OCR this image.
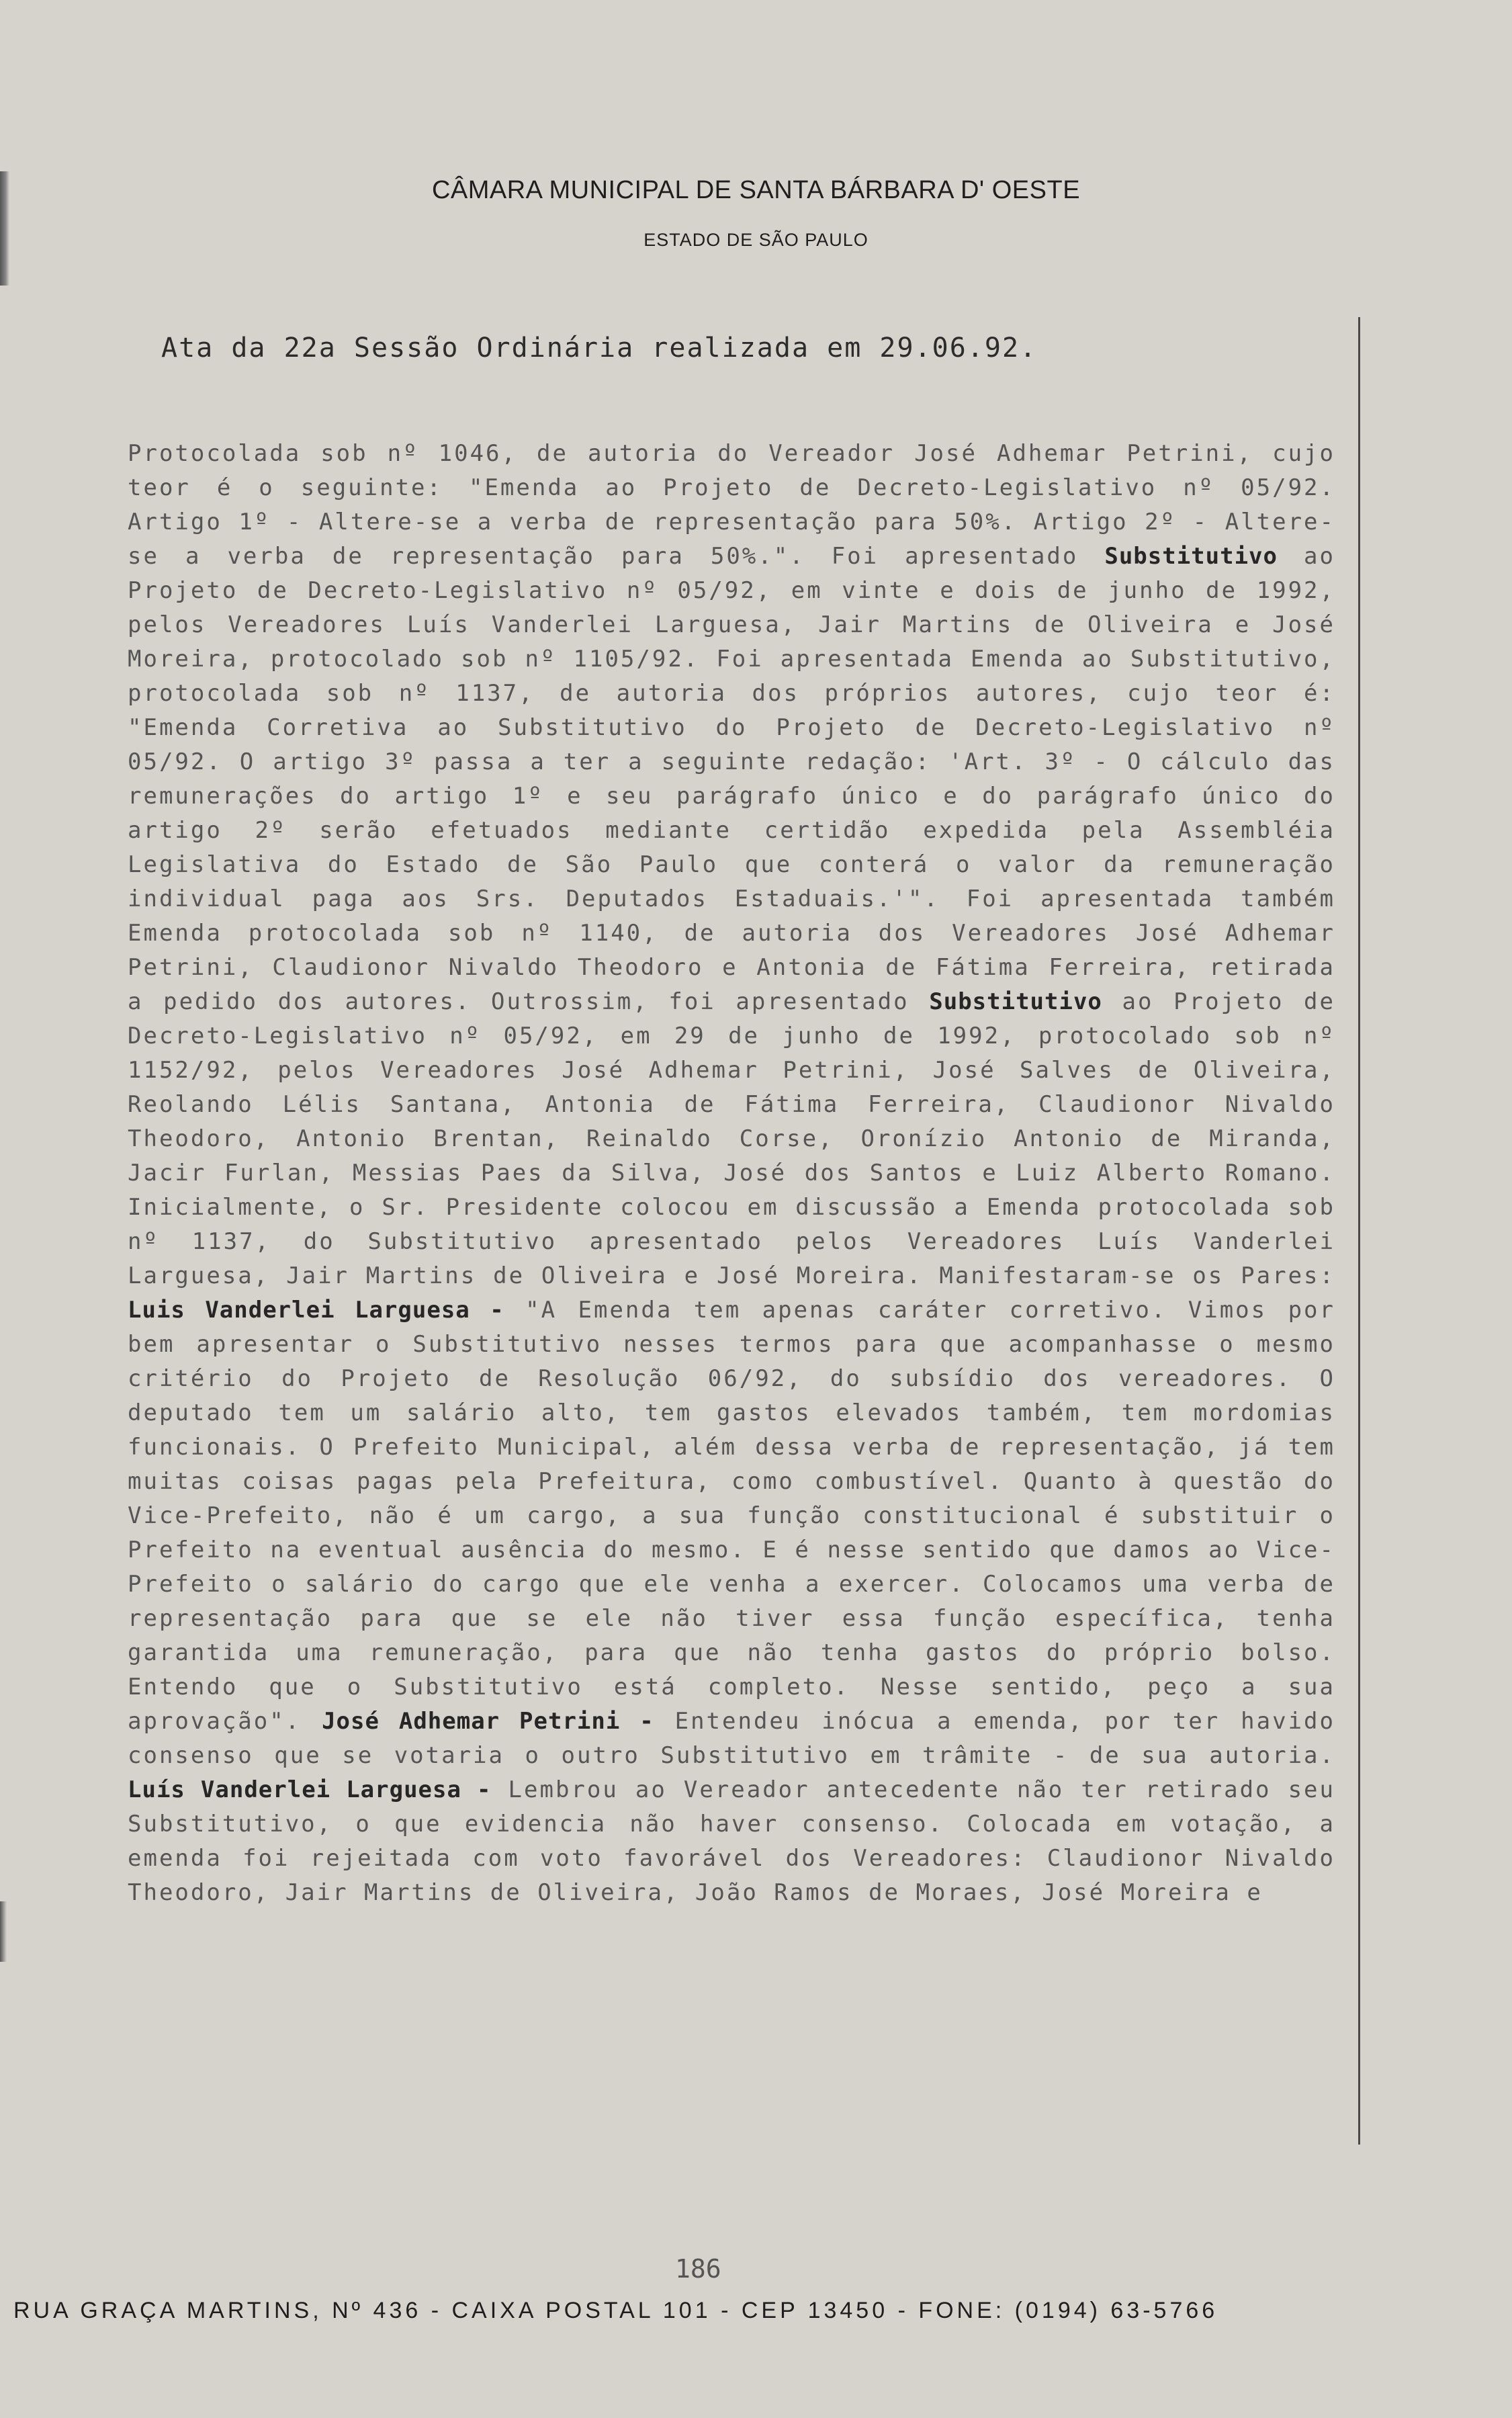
CÂMARA MUNICIPAL DE SANTA BÁRBARA D' OESTE
ESTADO DE SÃO PAULO
Ata da 22a Sessão Ordinária realizada em 29.06.92.

Protocolada sob nº 1046, de autoria do Vereador José Adhemar Petrini, cujo teor é o seguinte: "Emenda ao Projeto de Decreto-Legislativo nº 05/92. Artigo 1º - Altere-se a verba de representação para 50%. Artigo 2º - Altere-se a verba de representação para 50%.". Foi apresentado Substitutivo ao Projeto de Decreto-Legislativo nº 05/92, em vinte e dois de junho de 1992, pelos Vereadores Luís Vanderlei Larguesa, Jair Martins de Oliveira e José Moreira, protocolado sob nº 1105/92. Foi apresentada Emenda ao Substitutivo, protocolada sob nº 1137, de autoria dos próprios autores, cujo teor é: "Emenda Corretiva ao Substitutivo do Projeto de Decreto-Legislativo nº 05/92. O artigo 3º passa a ter a seguinte redação: 'Art. 3º - O cálculo das remunerações do artigo 1º e seu parágrafo único e do parágrafo único do artigo 2º serão efetuados mediante certidão expedida pela Assembléia Legislativa do Estado de São Paulo que conterá o valor da remuneração individual paga aos Srs. Deputados Estaduais.'". Foi apresentada também Emenda protocolada sob nº 1140, de autoria dos Vereadores José Adhemar Petrini, Claudionor Nivaldo Theodoro e Antonia de Fátima Ferreira, retirada a pedido dos autores. Outrossim, foi apresentado Substitutivo ao Projeto de Decreto-Legislativo nº 05/92, em 29 de junho de 1992, protocolado sob nº 1152/92, pelos Vereadores José Adhemar Petrini, José Salves de Oliveira, Reolando Lélis Santana, Antonia de Fátima Ferreira, Claudionor Nivaldo Theodoro, Antonio Brentan, Reinaldo Corse, Oronízio Antonio de Miranda, Jacir Furlan, Messias Paes da Silva, José dos Santos e Luiz Alberto Romano. Inicialmente, o Sr. Presidente colocou em discussão a Emenda protocolada sob nº 1137, do Substitutivo apresentado pelos Vereadores Luís Vanderlei Larguesa, Jair Martins de Oliveira e José Moreira. Manifestaram-se os Pares: Luis Vanderlei Larguesa - "A Emenda tem apenas caráter corretivo. Vimos por bem apresentar o Substitutivo nesses termos para que acompanhasse o mesmo critério do Projeto de Resolução 06/92, do subsídio dos vereadores. O deputado tem um salário alto, tem gastos elevados também, tem mordomias funcionais. O Prefeito Municipal, além dessa verba de representação, já tem muitas coisas pagas pela Prefeitura, como combustível. Quanto à questão do Vice-Prefeito, não é um cargo, a sua função constitucional é substituir o Prefeito na eventual ausência do mesmo. E é nesse sentido que damos ao Vice-Prefeito o salário do cargo que ele venha a exercer. Colocamos uma verba de representação para que se ele não tiver essa função específica, tenha garantida uma remuneração, para que não tenha gastos do próprio bolso. Entendo que o Substitutivo está completo. Nesse sentido, peço a sua aprovação". José Adhemar Petrini - Entendeu inócua a emenda, por ter havido consenso que se votaria o outro Substitutivo em trâmite - de sua autoria. Luís Vanderlei Larguesa - Lembrou ao Vereador antecedente não ter retirado seu Substitutivo, o que evidencia não haver consenso. Colocada em votação, a emenda foi rejeitada com voto favorável dos Vereadores: Claudionor Nivaldo Theodoro, Jair Martins de Oliveira, João Ramos de Moraes, José Moreira e

186
RUA GRAÇA MARTINS, Nº 436 - CAIXA POSTAL 101 - CEP 13450 - FONE: (0194) 63-5766
